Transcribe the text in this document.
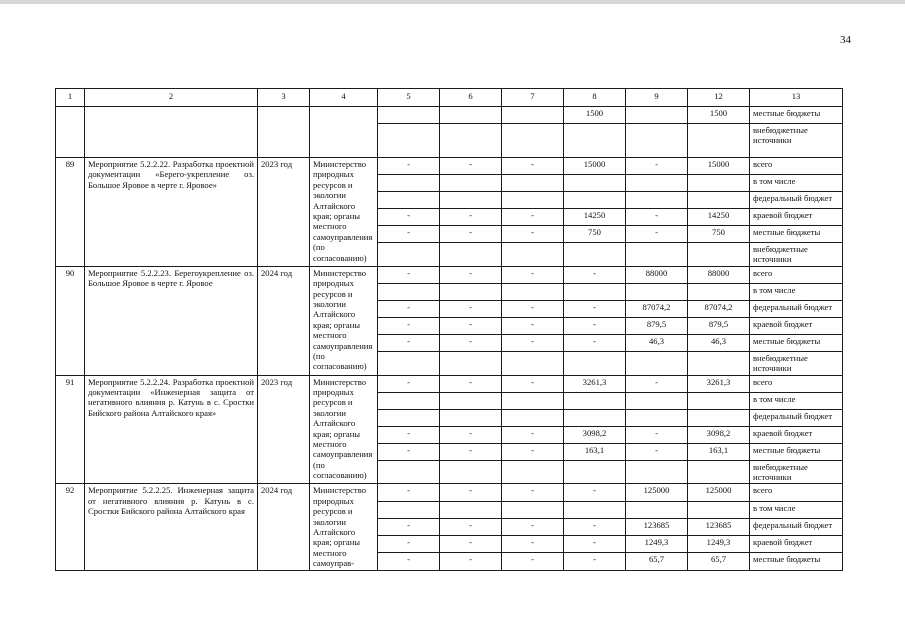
34
1	2	3	4	5	6	7	8	9	12	13
							1500		1500	местные бюджеты
										внебюджетные источники
89	Мероприятие 5.2.2.22. Разработка проектной документации «Берего-укрепление оз. Большое Яровое в черте г. Яровое»	2023 год	Министерство природных ресурсов и экологии Алтайского края; органы местного самоуправления (по согласованию)	-	-	-	15000	-	15000	всего
										в том числе
										федеральный бюджет
				-	-	-	14250	-	14250	краевой бюджет
				-	-	-	750	-	750	местные бюджеты
										внебюджетные источники
90	Мероприятие 5.2.2.23. Берегоукрепление оз. Большое Яровое в черте г. Яровое	2024 год	Министерство природных ресурсов и экологии Алтайского края; органы местного самоуправления (по согласованию)	-	-	-	-	88000	88000	всего
										в том числе
				-	-	-	-	87074,2	87074,2	федеральный бюджет
				-	-	-	-	879,5	879,5	краевой бюджет
				-	-	-	-	46,3	46,3	местные бюджеты
										внебюджетные источники
91	Мероприятие 5.2.2.24. Разработка проектной документации «Инженерная защита от негативного влияния р. Катунь в с. Сростки Бийского района Алтайского края»	2023 год	Министерство природных ресурсов и экологии Алтайского края; органы местного самоуправления (по согласованию)	-	-	-	3261,3	-	3261,3	всего
										в том числе
										федеральный бюджет
				-	-	-	3098,2	-	3098,2	краевой бюджет
				-	-	-	163,1	-	163,1	местные бюджеты
										внебюджетные источники
92	Мероприятие 5.2.2.25. Инженерная защита от негативного влияния р. Катунь в с. Сростки Бийского района Алтайского края	2024 год	Министерство природных ресурсов и экологии Алтайского края; органы местного самоуправ-	-	-	-	-	125000	125000	всего
										в том числе
				-	-	-	-	123685	123685	федеральный бюджет
				-	-	-	-	1249,3	1249,3	краевой бюджет
				-	-	-	-	65,7	65,7	местные бюджеты
